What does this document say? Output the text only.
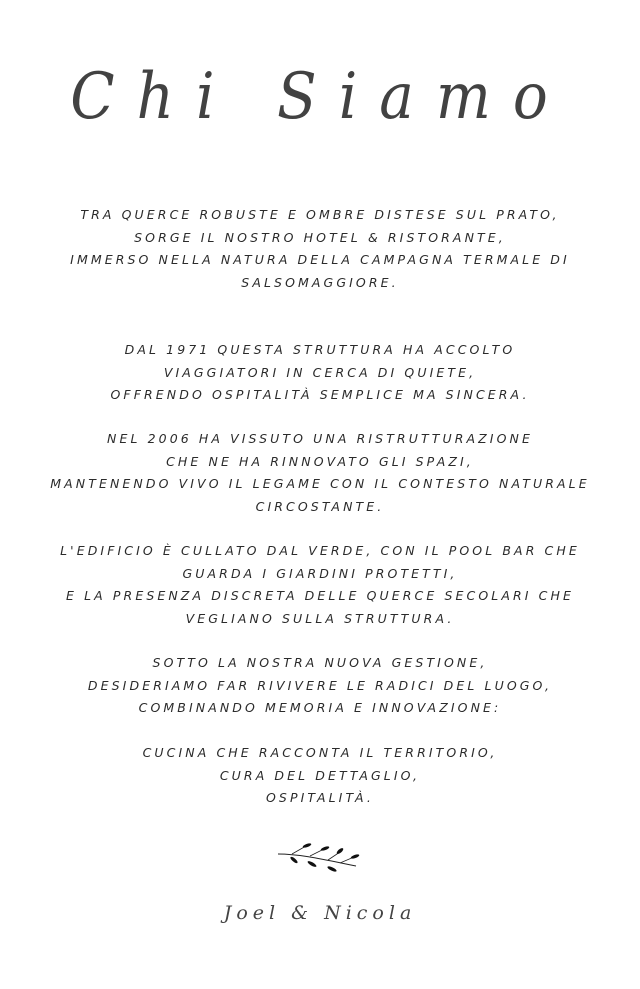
Chi Siamo
TRA QUERCE ROBUSTE E OMBRE DISTESE SUL PRATO,
SORGE IL NOSTRO HOTEL & RISTORANTE,
IMMERSO NELLA NATURA DELLA CAMPAGNA TERMALE DI
SALSOMAGGIORE.
DAL 1971 QUESTA STRUTTURA HA ACCOLTO
VIAGGIATORI IN CERCA DI QUIETE,
OFFRENDO OSPITALITÀ SEMPLICE MA SINCERA.
NEL 2006 HA VISSUTO UNA RISTRUTTURAZIONE
CHE NE HA RINNOVATO GLI SPAZI,
MANTENENDO VIVO IL LEGAME CON IL CONTESTO NATURALE
CIRCOSTANTE.
L'EDIFICIO È CULLATO DAL VERDE, CON IL POOL BAR CHE
GUARDA I GIARDINI PROTETTI,
E LA PRESENZA DISCRETA DELLE QUERCE SECOLARI CHE
VEGLIANO SULLA STRUTTURA.
SOTTO LA NOSTRA NUOVA GESTIONE,
DESIDERIAMO FAR RIVIVERE LE RADICI DEL LUOGO,
COMBINANDO MEMORIA E INNOVAZIONE:
CUCINA CHE RACCONTA IL TERRITORIO,
CURA DEL DETTAGLIO,
OSPITALITÀ.
Joel & Nicola
